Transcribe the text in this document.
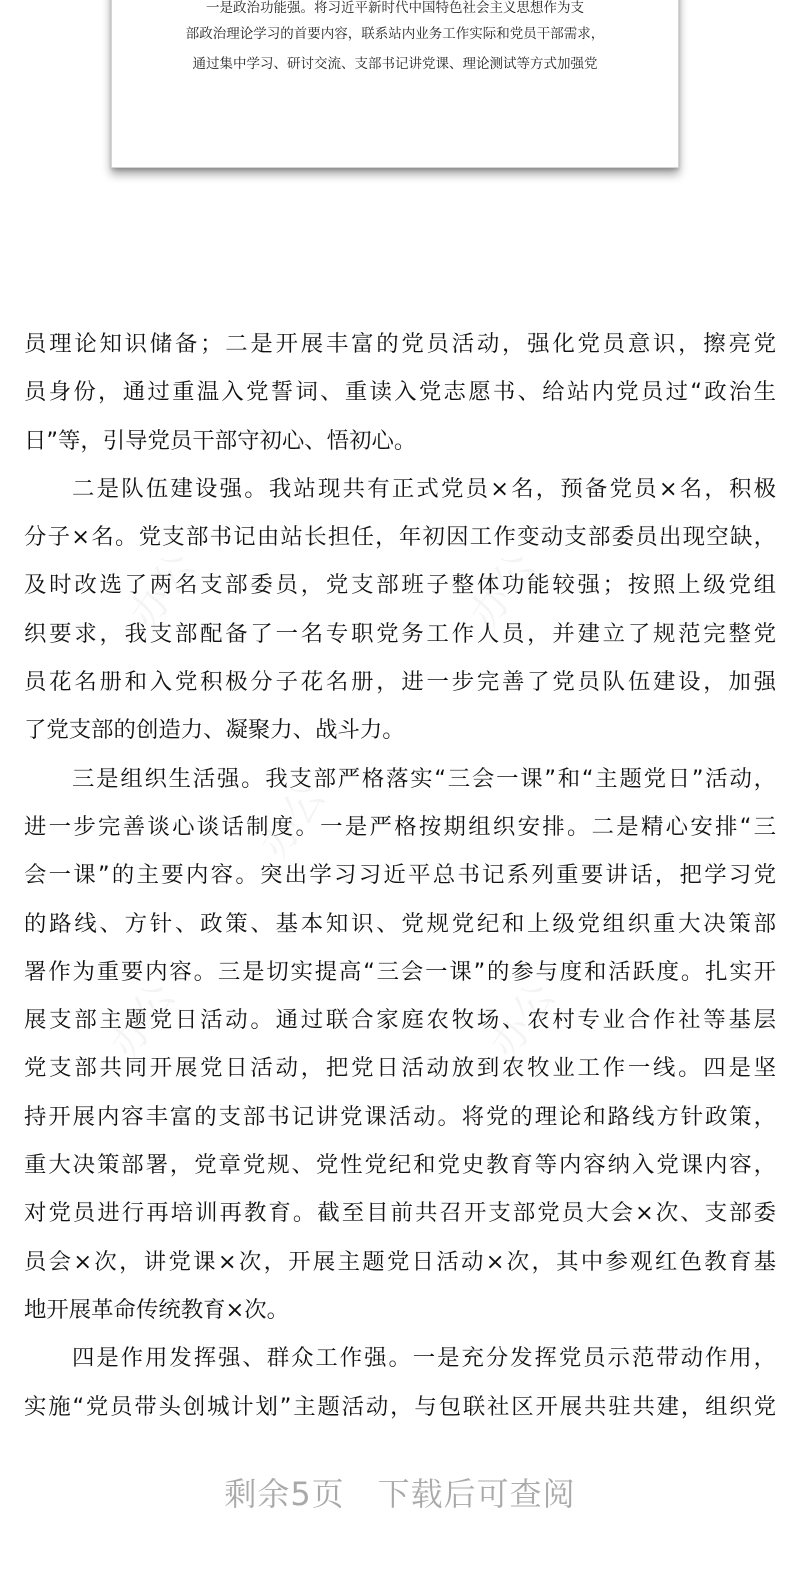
一是政治功能强。将习近平新时代中国特色社会主义思想作为支
部政治理论学习的首要内容，联系站内业务工作实际和党员干部需求，
通过集中学习、研讨交流、支部书记讲党课、理论测试等方式加强党
办公	办公
办公
办公	办公
员理论知识储备；二是开展丰富的党员活动，强化党员意识，擦亮党
员身份，通过重温入党誓词、重读入党志愿书、给站内党员过“政治生
日”等，引导党员干部守初心、悟初心。
二是队伍建设强。我站现共有正式党员×名，预备党员×名，积极
分子×名。党支部书记由站长担任，年初因工作变动支部委员出现空缺，
及时改选了两名支部委员，党支部班子整体功能较强；按照上级党组
织要求，我支部配备了一名专职党务工作人员，并建立了规范完整党
员花名册和入党积极分子花名册，进一步完善了党员队伍建设，加强
了党支部的创造力、凝聚力、战斗力。
三是组织生活强。我支部严格落实“三会一课”和“主题党日”活动，
进一步完善谈心谈话制度。一是严格按期组织安排。二是精心安排“三
会一课”的主要内容。突出学习习近平总书记系列重要讲话，把学习党
的路线、方针、政策、基本知识、党规党纪和上级党组织重大决策部
署作为重要内容。三是切实提高“三会一课”的参与度和活跃度。扎实开
展支部主题党日活动。通过联合家庭农牧场、农村专业合作社等基层
党支部共同开展党日活动，把党日活动放到农牧业工作一线。四是坚
持开展内容丰富的支部书记讲党课活动。将党的理论和路线方针政策，
重大决策部署，党章党规、党性党纪和党史教育等内容纳入党课内容，
对党员进行再培训再教育。截至目前共召开支部党员大会×次、支部委
员会×次，讲党课×次，开展主题党日活动×次，其中参观红色教育基
地开展革命传统教育×次。
四是作用发挥强、群众工作强。一是充分发挥党员示范带动作用，
实施“党员带头创城计划”主题活动，与包联社区开展共驻共建，组织党
剩余5页　下载后可查阅
